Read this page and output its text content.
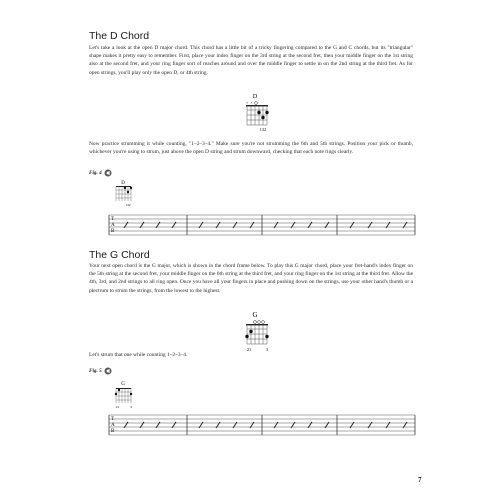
The D Chord

Let's take a look at the open D major chord. This chord has a little bit of a tricky fingering compared to the G and C chords, but its "triangular" shape makes it pretty easy to remember. First, place your index finger on the 3rd string at the second fret, then your middle finger on the 1st string also at the second fret, and your ring finger sort of reaches around and over the middle finger to settle in on the 2nd string at the third fret. As for open strings, you'll play only the open D, or 4th string.

D
× ×
132

Now practice strumming it while counting, "1–2–3–4." Make sure you're not strumming the 6th and 5th strings. Position your pick or thumb, whichever you're using to strum, just above the open D string and strum downward, checking that each note rings clearly.

Fig. 4
D
132
T
A
B
The G Chord

Your next open chord is the G major, which is shown in the chord frame below. To play this G major chord, place your fret-hand's index finger on the 5th string at the second fret, your middle finger on the 6th string at the third fret, and your ring finger on the 1st string at the third fret. Allow the 4th, 3rd, and 2nd strings to all ring open. Once you have all your fingers in place and pushing down on the strings, use your other hand's thumb or a plectrum to strum the strings, from the lowest to the highest.

G
21	3

Let's strum that one while counting 1–2–3–4.

Fig. 5
G
21	3
T
A
B
7
